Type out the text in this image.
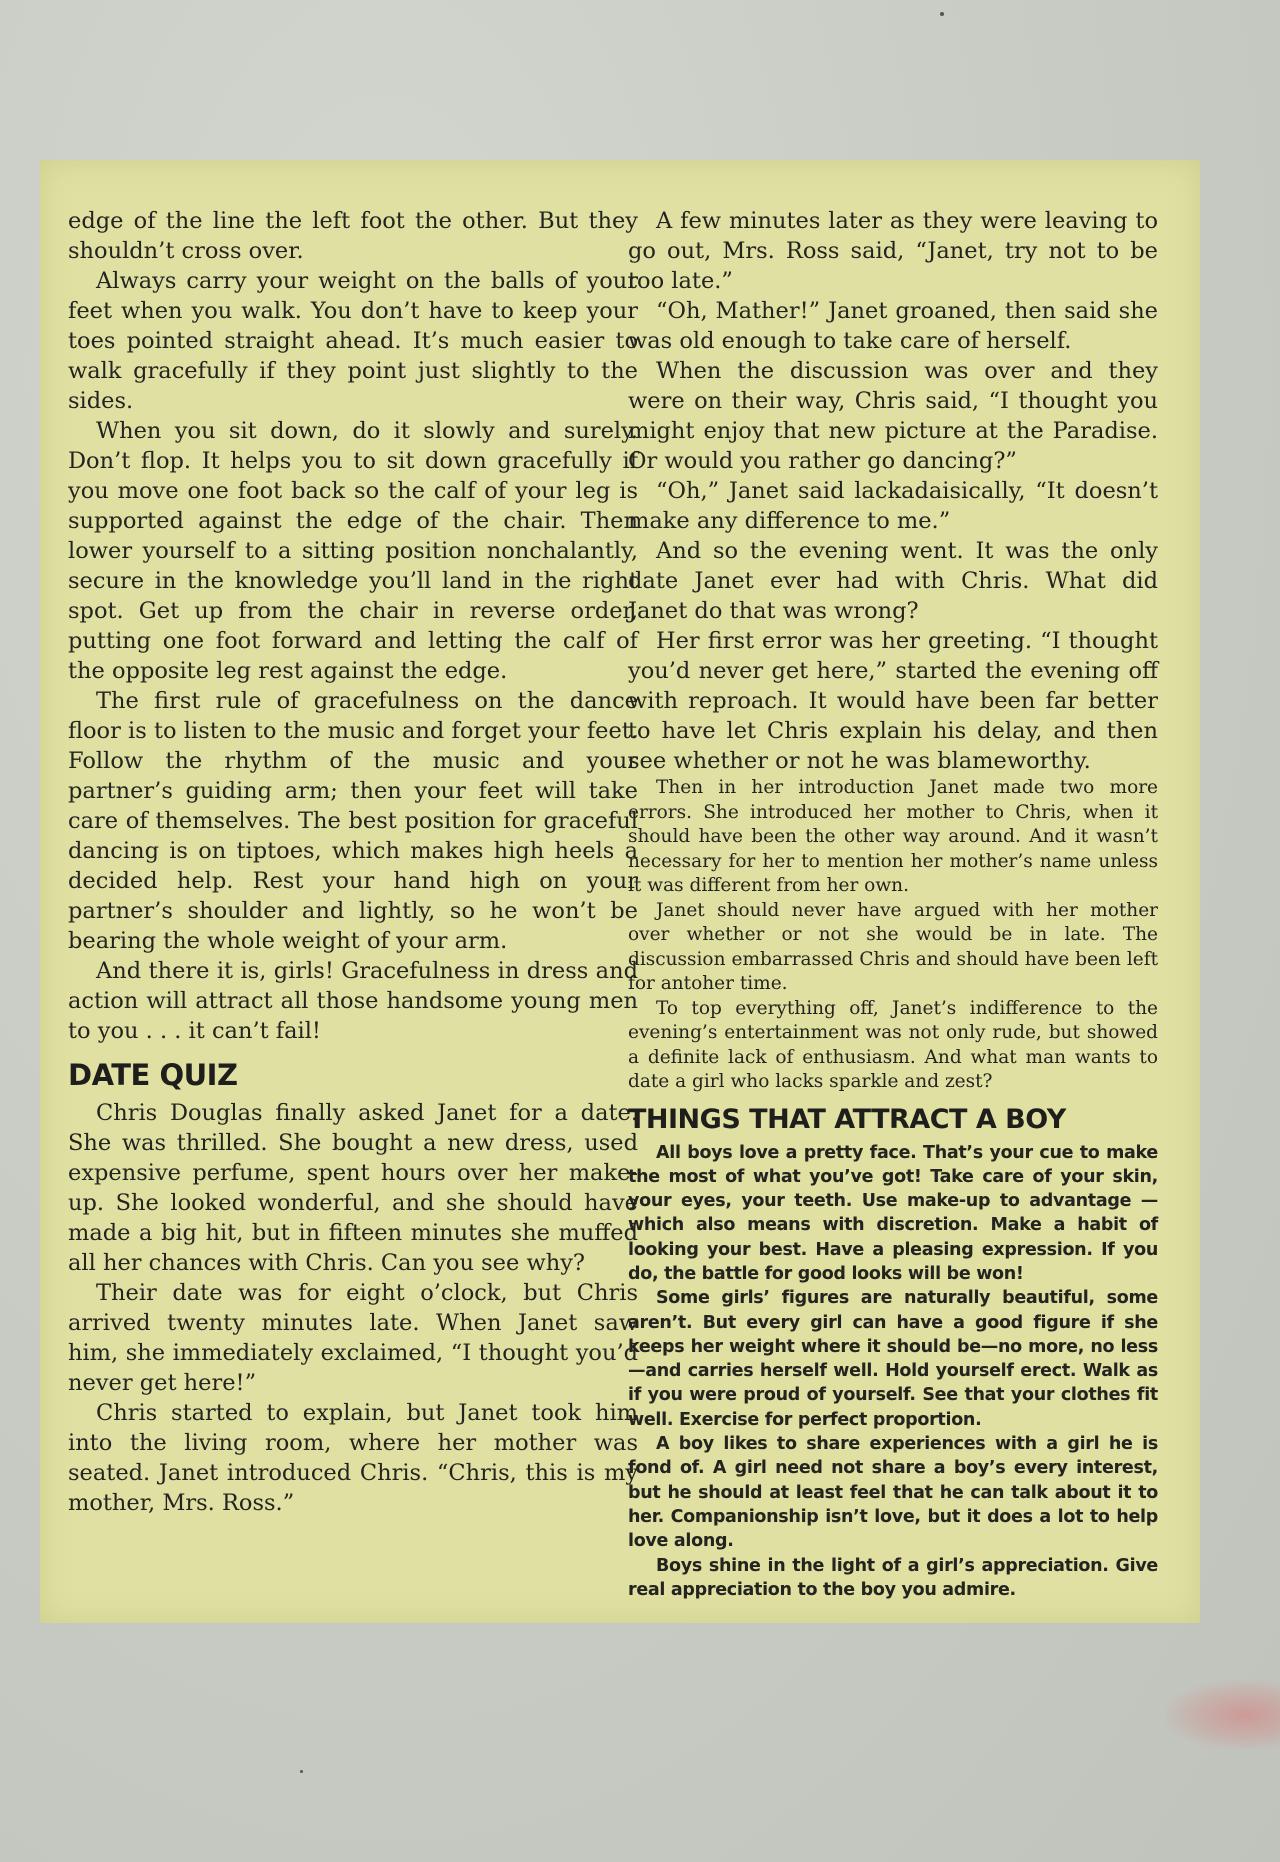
edge of the line the left foot the other. But they shouldn’t cross over.

Always carry your weight on the balls of your feet when you walk. You don’t have to keep your toes pointed straight ahead. It’s much easier to walk gracefully if they point just slightly to the sides.

When you sit down, do it slowly and surely. Don’t flop. It helps you to sit down gracefully if you move one foot back so the calf of your leg is supported against the edge of the chair. Then lower yourself to a sitting position nonchalantly, secure in the knowledge you’ll land in the right spot. Get up from the chair in reverse order, putting one foot forward and letting the calf of the opposite leg rest against the edge.

The first rule of gracefulness on the dance floor is to listen to the music and forget your feet. Follow the rhythm of the music and your partner’s guiding arm; then your feet will take care of themselves. The best position for graceful dancing is on tiptoes, which makes high heels a decided help. Rest your hand high on your partner’s shoulder and lightly, so he won’t be bearing the whole weight of your arm.

And there it is, girls! Gracefulness in dress and action will attract all those handsome young men to you . . . it can’t fail!

DATE QUIZ

Chris Douglas finally asked Janet for a date. She was thrilled. She bought a new dress, used expensive perfume, spent hours over her make-up. She looked wonderful, and she should have made a big hit, but in fifteen minutes she muffed all her chances with Chris. Can you see why?

Their date was for eight o’clock, but Chris arrived twenty minutes late. When Janet saw him, she immediately exclaimed, “I thought you’d never get here!”

Chris started to explain, but Janet took him into the living room, where her mother was seated. Janet introduced Chris. “Chris, this is my mother, Mrs. Ross.”

A few minutes later as they were leaving to go out, Mrs. Ross said, “Janet, try not to be too late.”

“Oh, Mather!” Janet groaned, then said she was old enough to take care of herself.

When the discussion was over and they were on their way, Chris said, “I thought you might enjoy that new picture at the Paradise. Or would you rather go dancing?”

“Oh,” Janet said lackadaisically, “It doesn’t make any difference to me.”

And so the evening went. It was the only date Janet ever had with Chris. What did Janet do that was wrong?

Her first error was her greeting. “I thought you’d never get here,” started the evening off with reproach. It would have been far better to have let Chris explain his delay, and then see whether or not he was blameworthy.

Then in her introduction Janet made two more errors. She introduced her mother to Chris, when it should have been the other way around. And it wasn’t necessary for her to mention her mother’s name unless it was different from her own.

Janet should never have argued with her mother over whether or not she would be in late. The discussion embarrassed Chris and should have been left for antoher time.

To top everything off, Janet’s indifference to the evening’s entertainment was not only rude, but showed a definite lack of enthusiasm. And what man wants to date a girl who lacks sparkle and zest?

THINGS THAT ATTRACT A BOY

All boys love a pretty face. That’s your cue to make the most of what you’ve got! Take care of your skin, your eyes, your teeth. Use make-up to advantage —which also means with discretion. Make a habit of looking your best. Have a pleasing expression. If you do, the battle for good looks will be won!

Some girls’ figures are naturally beautiful, some aren’t. But every girl can have a good figure if she keeps her weight where it should be—no more, no less—and carries herself well. Hold yourself erect. Walk as if you were proud of yourself. See that your clothes fit well. Exercise for perfect proportion.

A boy likes to share experiences with a girl he is fond of. A girl need not share a boy’s every interest, but he should at least feel that he can talk about it to her. Companionship isn’t love, but it does a lot to help love along.

Boys shine in the light of a girl’s appreciation. Give real appreciation to the boy you admire.
